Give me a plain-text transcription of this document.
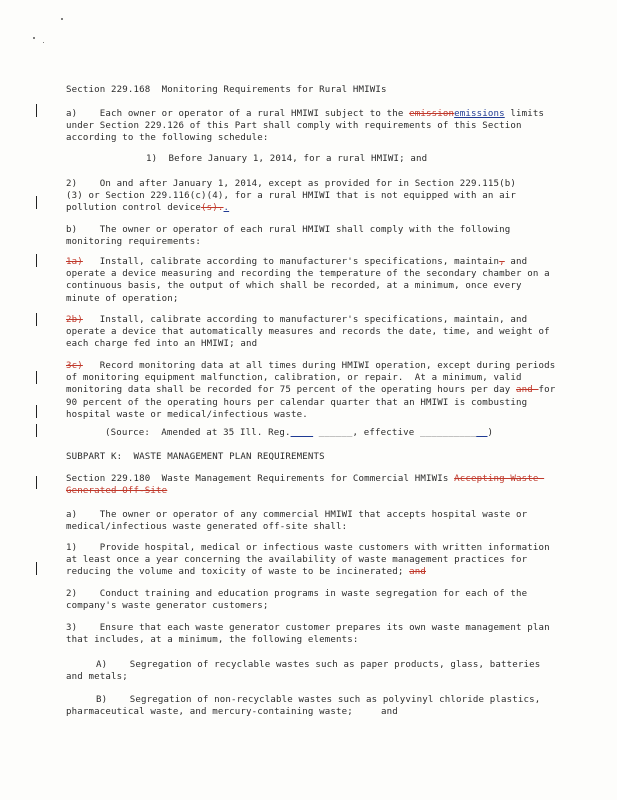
Section 229.168  Monitoring Requirements for Rural HMIWIs

a)    Each owner or operator of a rural HMIWI subject to the emissionemissions limits under Section 229.126 of this Part shall comply with requirements of this Section according to the following schedule:

1)  Before January 1, 2014, for a rural HMIWI; and

2)    On and after January 1, 2014, except as provided for in Section 229.115(b)(3) or Section 229.116(c)(4), for a rural HMIWI that is not equipped with an air pollution control device(s)..

b)    The owner or operator of each rural HMIWI shall comply with the following monitoring requirements:

1a)   Install, calibrate according to manufacturer's specifications, maintain, and operate a device measuring and recording the temperature of the secondary chamber on a continuous basis, the output of which shall be recorded, at a minimum, once every minute of operation;

2b)   Install, calibrate according to manufacturer's specifications, maintain, and operate a device that automatically measures and records the date, time, and weight of each charge fed into an HMIWI; and

3c)   Record monitoring data at all times during HMIWI operation, except during periods of monitoring equipment malfunction, calibration, or repair.  At a minimum, valid monitoring data shall be recorded for 75 percent of the operating hours per day and for 90 percent of the operating hours per calendar quarter that an HMIWI is combusting hospital waste or medical/infectious waste.

(Source:  Amended at 35 Ill. Reg.____ ______, effective ____________)

SUBPART K:  WASTE MANAGEMENT PLAN REQUIREMENTS

Section 229.180  Waste Management Requirements for Commercial HMIWIs Accepting Waste Generated Off-Site

a)    The owner or operator of any commercial HMIWI that accepts hospital waste or medical/infectious waste generated off-site shall:

1)    Provide hospital, medical or infectious waste customers with written information at least once a year concerning the availability of waste management practices for reducing the volume and toxicity of waste to be incinerated; and

2)    Conduct training and education programs in waste segregation for each of the company's waste generator customers;

3)    Ensure that each waste generator customer prepares its own waste management plan that includes, at a minimum, the following elements:

A)    Segregation of recyclable wastes such as paper products, glass, batteries and metals;

B)    Segregation of non-recyclable wastes such as polyvinyl chloride plastics, pharmaceutical waste, and mercury-containing waste;     and
